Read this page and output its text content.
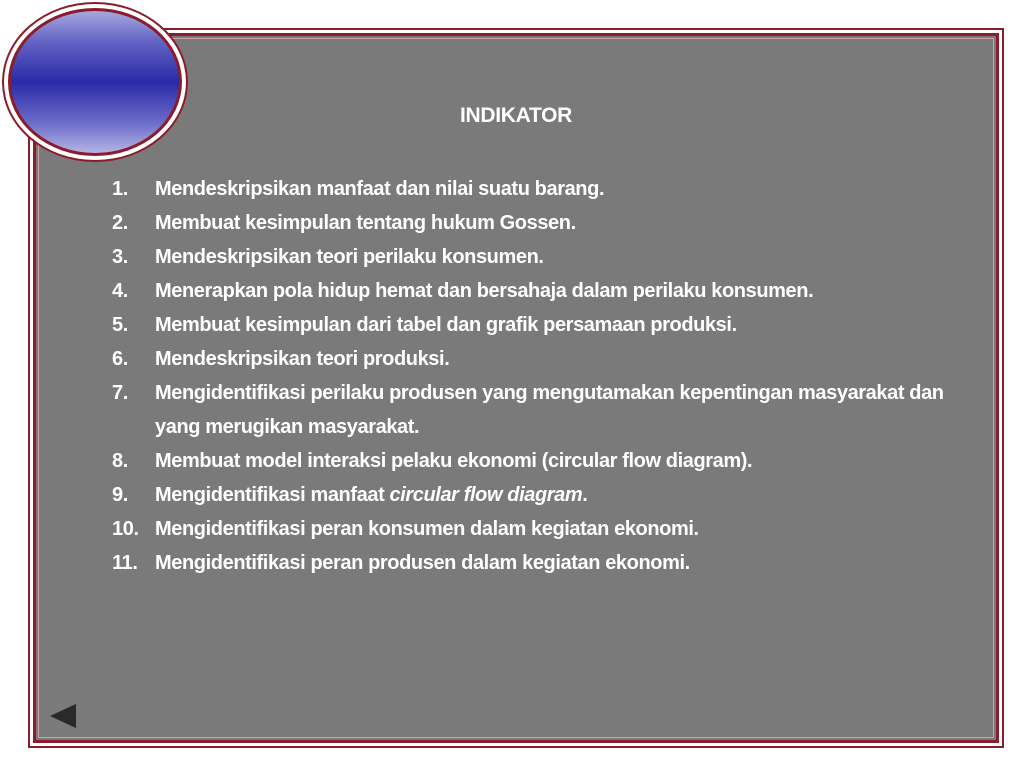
INDIKATOR
1. Mendeskripsikan manfaat dan nilai suatu barang.
2. Membuat kesimpulan tentang hukum Gossen.
3. Mendeskripsikan teori perilaku konsumen.
4. Menerapkan pola hidup hemat dan bersahaja dalam perilaku konsumen.
5. Membuat kesimpulan dari tabel dan grafik persamaan produksi.
6. Mendeskripsikan teori produksi.
7. Mengidentifikasi perilaku produsen yang mengutamakan kepentingan masyarakat dan yang merugikan masyarakat.
8. Membuat model interaksi pelaku ekonomi (circular flow diagram).
9. Mengidentifikasi manfaat circular flow diagram.
10. Mengidentifikasi peran konsumen dalam kegiatan ekonomi.
11. Mengidentifikasi peran produsen dalam kegiatan ekonomi.
